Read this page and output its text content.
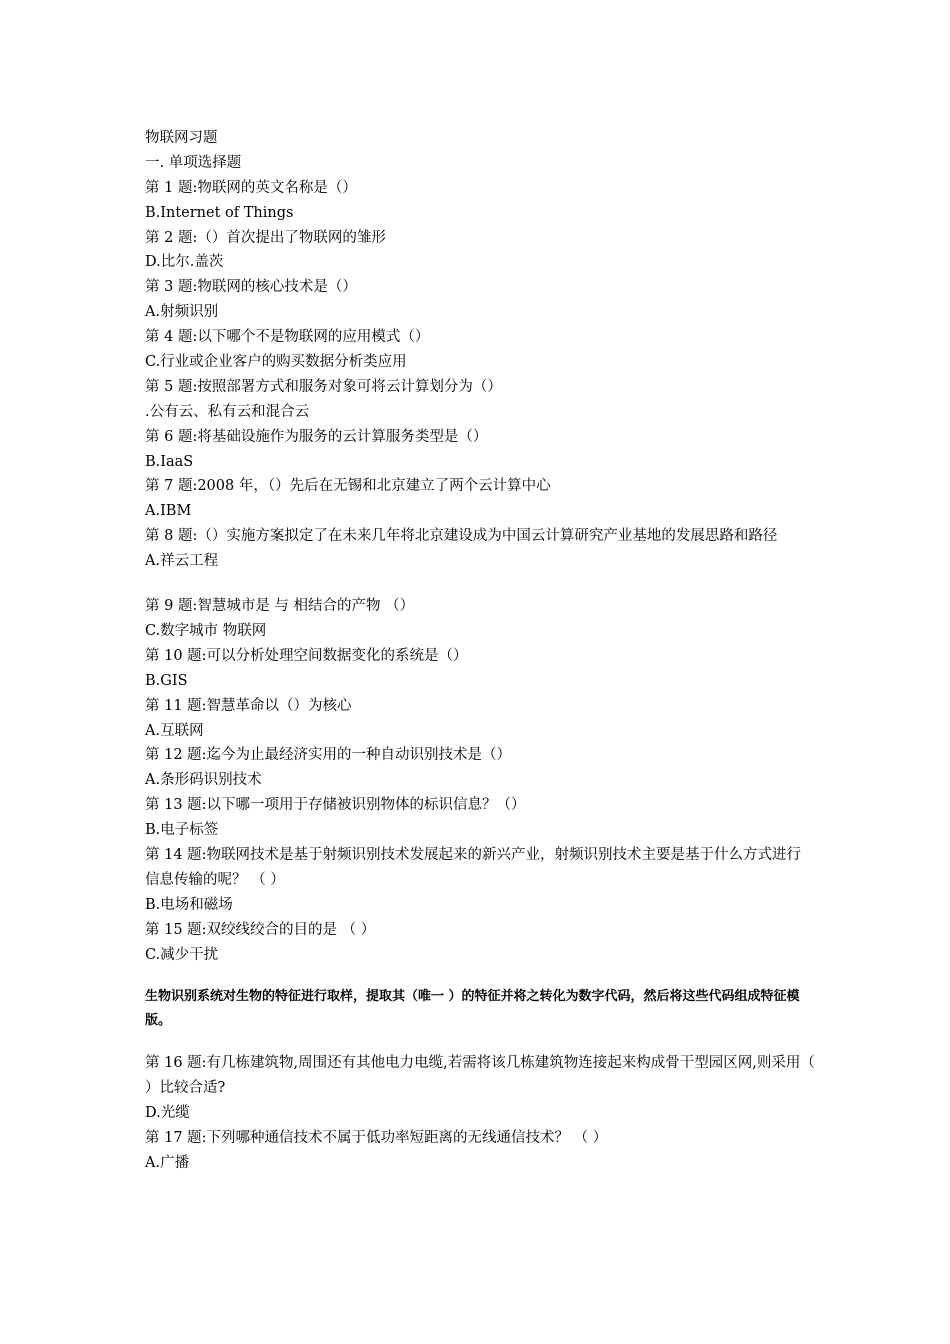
物联网习题
一. 单项选择题
第 1 题:物联网的英文名称是（）
B.Internet of Things
第 2 题:（）首次提出了物联网的雏形
D.比尔.盖茨
第 3 题:物联网的核心技术是（）
A.射频识别
第 4 题:以下哪个不是物联网的应用模式（）
C.行业或企业客户的购买数据分析类应用
第 5 题:按照部署方式和服务对象可将云计算划分为（）
.公有云、私有云和混合云
第 6 题:将基础设施作为服务的云计算服务类型是（）
B.IaaS
第 7 题:2008 年，（）先后在无锡和北京建立了两个云计算中心
A.IBM
第 8 题:（）实施方案拟定了在未来几年将北京建设成为中国云计算研究产业基地的发展思路和路径
A.祥云工程
第 9 题:智慧城市是 与 相结合的产物 （）
C.数字城市 物联网
第 10 题:可以分析处理空间数据变化的系统是（）
B.GIS
第 11 题:智慧革命以（）为核心
A.互联网
第 12 题:迄今为止最经济实用的一种自动识别技术是（）
A.条形码识别技术
第 13 题:以下哪一项用于存储被识别物体的标识信息？（）
B.电子标签
第 14 题:物联网技术是基于射频识别技术发展起来的新兴产业，射频识别技术主要是基于什么方式进行信息传输的呢？ （ ）
B.电场和磁场
第 15 题:双绞线绞合的目的是 （ ）
C.减少干扰

生物识别系统对生物的特征进行取样，提取其（唯一 ）的特征并将之转化为数字代码，然后将这些代码组成特征模版。

第 16 题:有几栋建筑物,周围还有其他电力电缆,若需将该几栋建筑物连接起来构成骨干型园区网,则采用（ ）比较合适?
D.光缆
第 17 题:下列哪种通信技术不属于低功率短距离的无线通信技术？ （ ）
A.广播
